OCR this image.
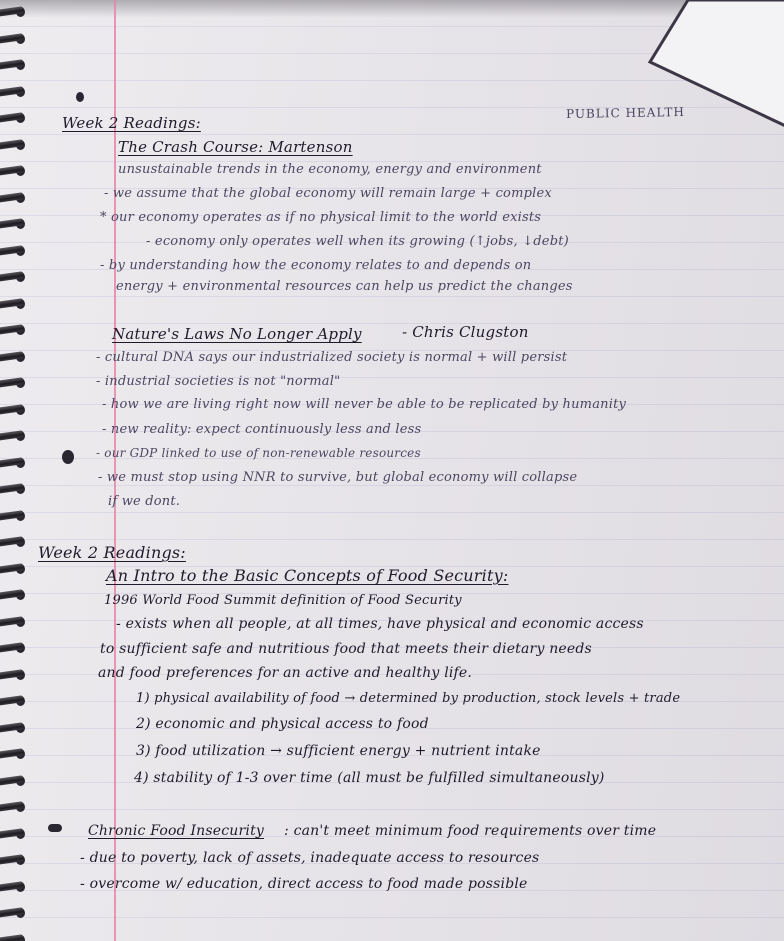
PUBLIC HEALTH
Week 2 Readings:
The Crash Course: Martenson
unsustainable trends in the economy, energy and environment
- we assume that the global economy will remain large + complex
* our economy operates as if no physical limit to the world exists
- economy only operates well when its growing (↑jobs, ↓debt)
- by understanding how the economy relates to and depends on
energy + environmental resources can help us predict the changes
Nature's Laws No Longer Apply	- Chris Clugston
- cultural DNA says our industrialized society is normal + will persist
- industrial societies is not "normal"
- how we are living right now will never be able to be replicated by humanity
- new reality: expect continuously less and less
- our GDP linked to use of non-renewable resources
- we must stop using NNR to survive, but global economy will collapse
if we dont.
Week 2 Readings:
An Intro to the Basic Concepts of Food Security:
1996 World Food Summit definition of Food Security
- exists when all people, at all times, have physical and economic access
to sufficient safe and nutritious food that meets their dietary needs
and food preferences for an active and healthy life.
1) physical availability of food → determined by production, stock levels + trade
2) economic and physical access to food
3) food utilization → sufficient energy + nutrient intake
4) stability of 1-3 over time (all must be fulfilled simultaneously)
Chronic Food Insecurity : can't meet minimum food requirements over time
- due to poverty, lack of assets, inadequate access to resources
- overcome w/ education, direct access to food made possible
